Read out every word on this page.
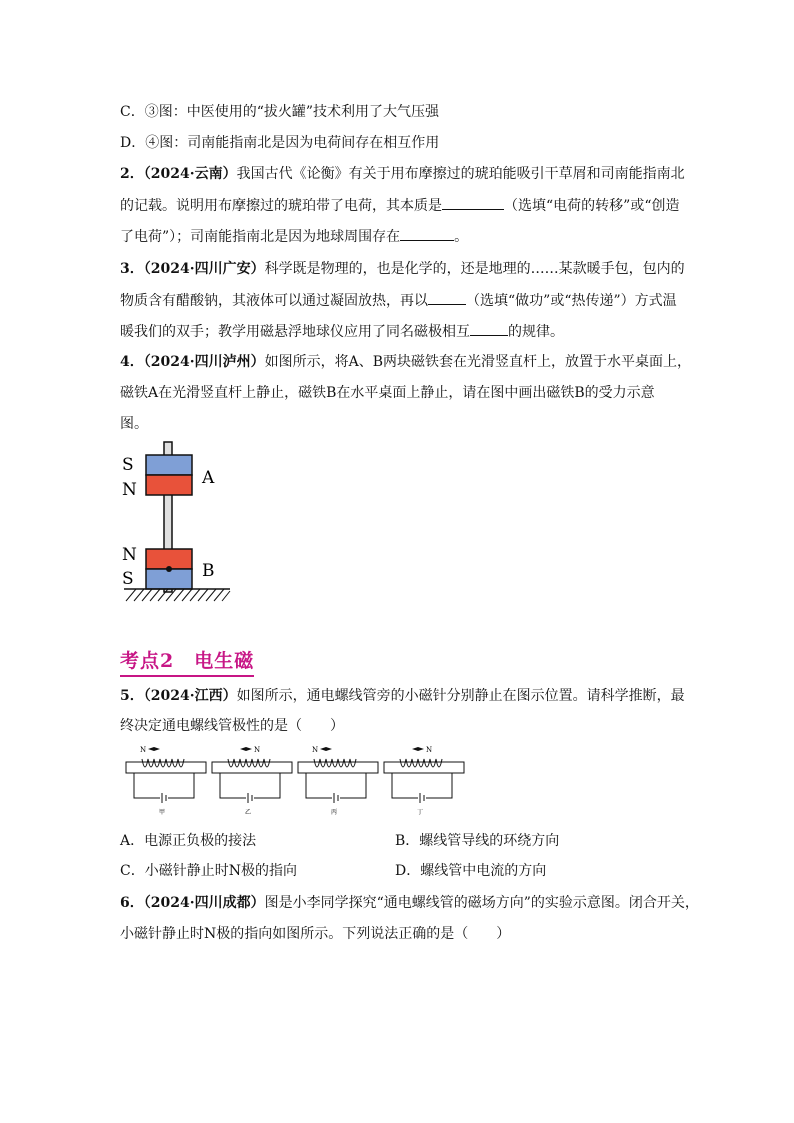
C．③图：中医使用的“拔火罐”技术利用了大气压强
D．④图：司南能指南北是因为电荷间存在相互作用
2．（2024·云南）我国古代《论衡》有关于用布摩擦过的琥珀能吸引干草屑和司南能指南北
的记载。说明用布摩擦过的琥珀带了电荷，其本质是	（选填“电荷的转移”或“创造
了电荷”）；司南能指南北是因为地球周围存在	。
3．（2024·四川广安）科学既是物理的，也是化学的，还是地理的……某款暖手包，包内的
物质含有醋酸钠，其液体可以通过凝固放热，再以	（选填“做功”或“热传递”）方式温
暖我们的双手；教学用磁悬浮地球仪应用了同名磁极相互	的规律。
4．（2024·四川泸州）如图所示，将A、B两块磁铁套在光滑竖直杆上，放置于水平桌面上，
磁铁A在光滑竖直杆上静止，磁铁B在水平桌面上静止，请在图中画出磁铁B的受力示意
图。
S
N
A
N
S	B
考点2　电生磁
5．（2024·江西）如图所示，通电螺线管旁的小磁针分别静止在图示位置。请科学推断，最
终决定通电螺线管极性的是（　　）
N
甲
N
乙
N
丙
N
丁
A．电源正负极的接法	B．螺线管导线的环绕方向
C．小磁针静止时N极的指向	D．螺线管中电流的方向
6．（2024·四川成都）图是小李同学探究“通电螺线管的磁场方向”的实验示意图。闭合开关，
小磁针静止时N极的指向如图所示。下列说法正确的是（　　）
